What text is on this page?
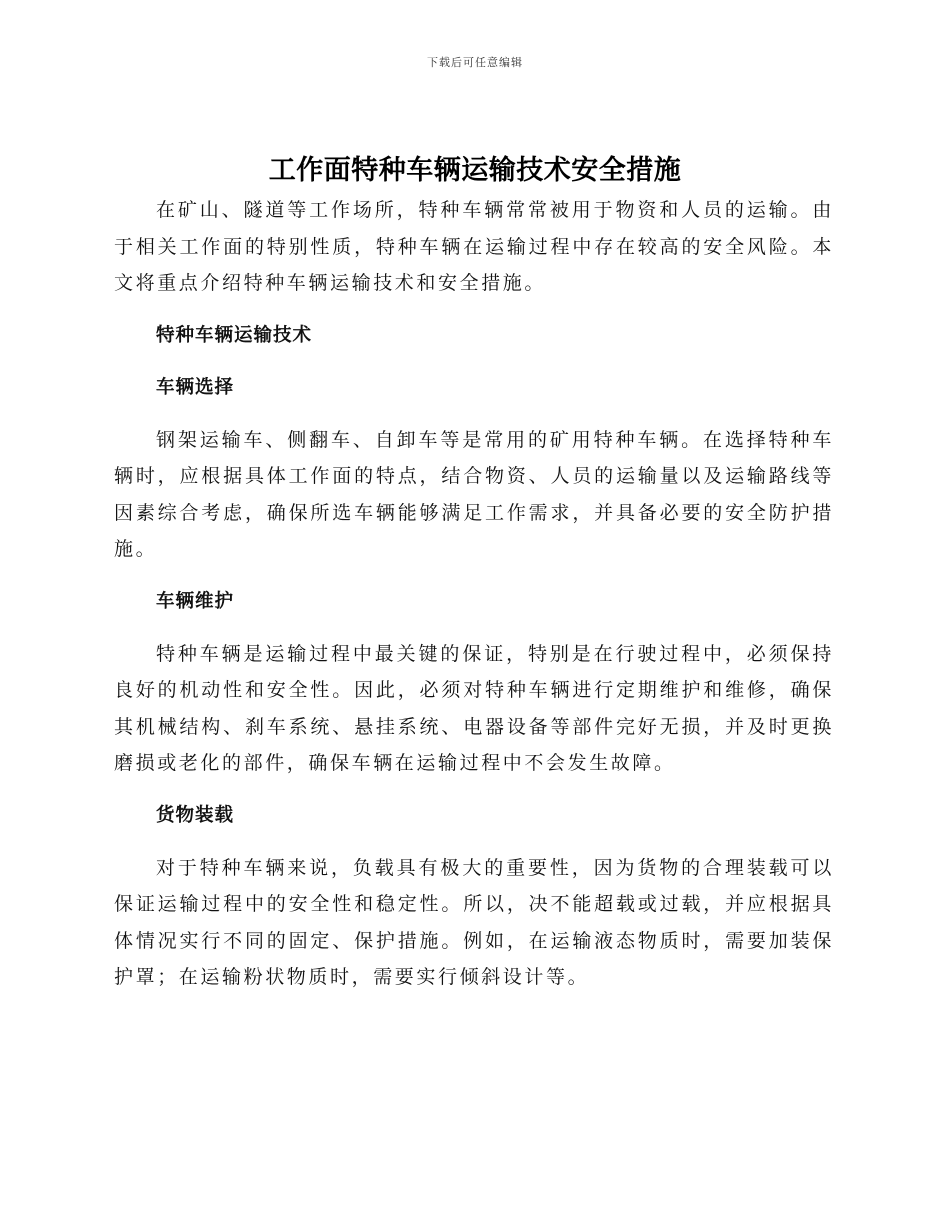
下载后可任意编辑
工作面特种车辆运输技术安全措施

在矿山、隧道等工作场所，特种车辆常常被用于物资和人员的运输。由于相关工作面的特别性质，特种车辆在运输过程中存在较高的安全风险。本文将重点介绍特种车辆运输技术和安全措施。

特种车辆运输技术

车辆选择

钢架运输车、侧翻车、自卸车等是常用的矿用特种车辆。在选择特种车辆时，应根据具体工作面的特点，结合物资、人员的运输量以及运输路线等因素综合考虑，确保所选车辆能够满足工作需求，并具备必要的安全防护措施。

车辆维护

特种车辆是运输过程中最关键的保证，特别是在行驶过程中，必须保持良好的机动性和安全性。因此，必须对特种车辆进行定期维护和维修，确保其机械结构、刹车系统、悬挂系统、电器设备等部件完好无损，并及时更换磨损或老化的部件，确保车辆在运输过程中不会发生故障。

货物装载

对于特种车辆来说，负载具有极大的重要性，因为货物的合理装载可以保证运输过程中的安全性和稳定性。所以，决不能超载或过载，并应根据具体情况实行不同的固定、保护措施。例如，在运输液态物质时，需要加装保护罩；在运输粉状物质时，需要实行倾斜设计等。
